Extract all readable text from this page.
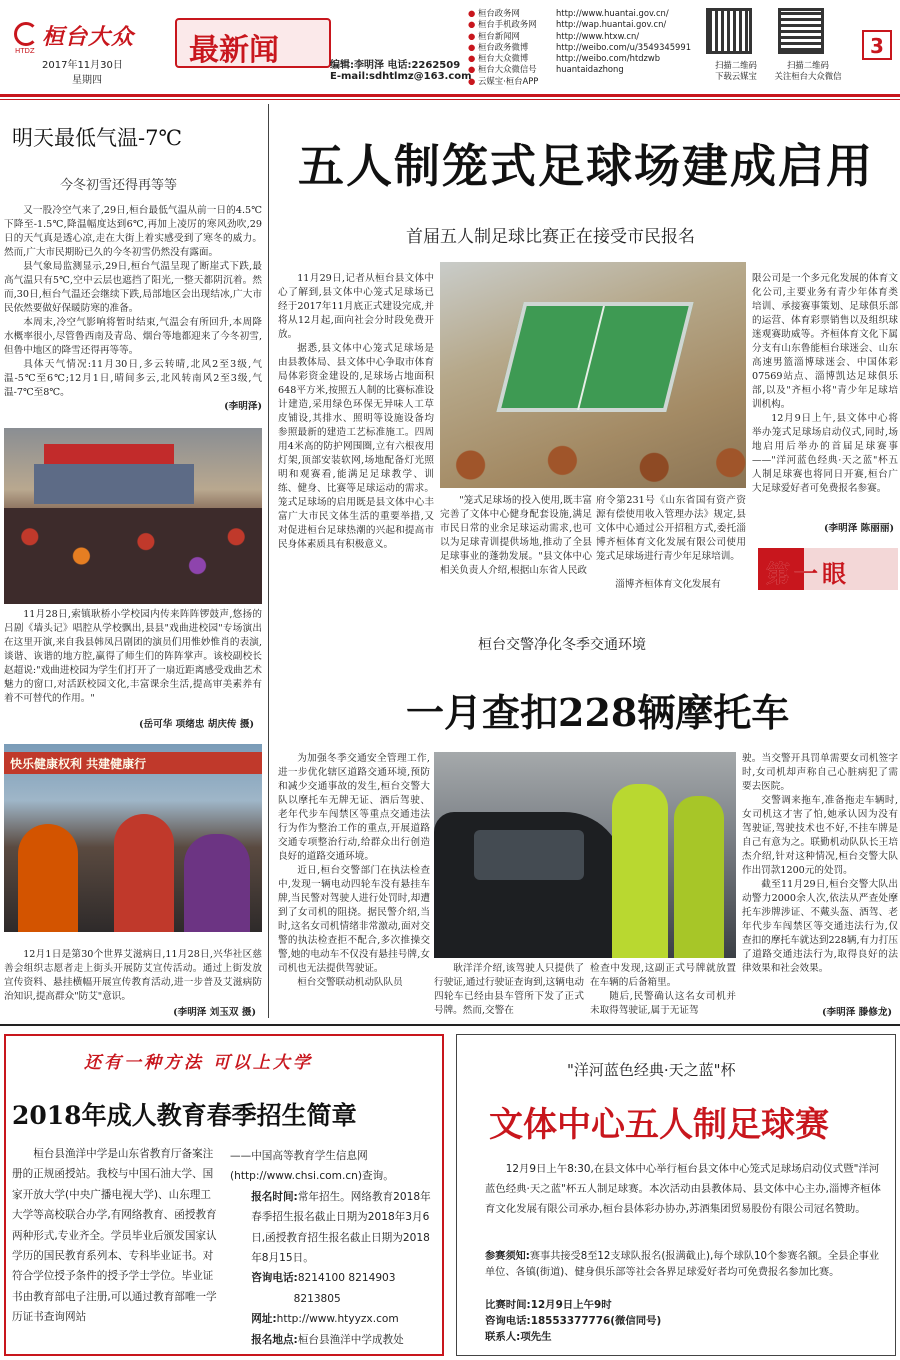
HTDZ
桓台大众
2017年11月30日
星期四
最新闻	编辑:李明泽 电话:2262509
E-mail:sdhtlmz@163.com
● 桓台政务网	http://www.huantai.gov.cn/
● 桓台手机政务网 http://wap.huantai.gov.cn/
● 桓台新闻网	http://www.htxw.cn/
● 桓台政务微博	http://weibo.com/u/3549345991
● 桓台大众微博	http://weibo.com/htdzwb
● 桓台大众微信号 huantaidazhong
● 云媒宝·桓台APP
扫描二维码
下载云媒宝
扫描二维码
关注桓台大众微信
3
明天最低气温-7℃
今冬初雪还得再等等

又一股冷空气来了,29日,桓台最低气温从前一日的4.5℃下降至-1.5℃,降温幅度达到6℃,再加上凌厉的寒风劲吹,29日的天气真是透心凉,走在大街上着实感受到了寒冬的威力。然而,广大市民期盼已久的今冬初雪仍然没有露面。

县气象局监测显示,29日,桓台气温呈现了断崖式下跌,最高气温只有5℃,空中云层也遮挡了阳光,一整天都阴沉着。然而,30日,桓台气温还会继续下跌,局部地区会出现结冰,广大市民依然要做好保暖防寒的准备。

本周末,冷空气影响将暂时结束,气温会有所回升,本周降水概率很小,尽管鲁西南及青岛、烟台等地都迎来了今冬初雪,但鲁中地区的降雪还得再等等。

具体天气情况:11月30日,多云转晴,北风2至3级,气温-5℃至6℃;12月1日,晴间多云,北风转南风2至3级,气温-7℃至8℃。

(李明泽)
11月28日,索镇耿桥小学校园内传来阵阵锣鼓声,悠扬的吕剧《墙头记》唱腔从学校飘出,县县"戏曲进校园"专场演出在这里开演,来自我县韩凤吕剧团的演员们用惟妙惟肖的表演,谈谐、诙谐的地方腔,赢得了师生们的阵阵掌声。该校副校长赵超说:"戏曲进校园为学生们打开了一扇近距离感受戏曲艺术魅力的窗口,对活跃校园文化,丰富课余生活,提高审美素养有着不可替代的作用。"
(岳可华 项绪忠 胡庆传 摄)
快乐健康权利 共建健康行
12月1日是第30个世界艾滋病日,11月28日,兴华社区慈善会组织志愿者走上街头开展防艾宣传活动。通过上街发放宣传资料、悬挂横幅开展宣传教育活动,进一步普及艾滋病防治知识,提高群众"防艾"意识。
(李明泽 刘玉双 摄)
五人制笼式足球场建成启用
首届五人制足球比赛正在接受市民报名

11月29日,记者从桓台县文体中心了解到,县文体中心笼式足球场已经于2017年11月底正式建设完成,并将从12月起,面向社会分时段免费开放。

据悉,县文体中心笼式足球场是由县教体局、县文体中心争取市体育局体彩资金建设的,足球场占地面积648平方米,按照五人制的比赛标准设计建造,采用绿色环保无异味人工草皮铺设,其排水、照明等设施设备均参照最新的建造工艺标准施工。四周用4米高的防护网围圈,立有六根夜用灯架,顶部安装软网,场地配备灯光照明和观赛看,能满足足球教学、训练、健身、比赛等足球运动的需求。笼式足球场的启用既是县文体中心丰富广大市民文体生活的重要举措,又对促进桓台足球热潮的兴起和提高市民身体素质具有积极意义。

"笼式足球场的投入使用,既丰富完善了文体中心健身配套设施,满足市民日常的业余足球运动需求,也可以为足球青训提供场地,推动了全县足球事业的蓬勃发展。"县文体中心相关负责人介绍,根据山东省人民政
府令第231号《山东省国有资产资源有偿使用收入管理办法》规定,县文体中心通过公开招租方式,委托淄博齐桓体育文化发展有限公司使用笼式足球场进行青少年足球培训。
淄博齐桓体育文化发展有

限公司是一个多元化发展的体育文化公司,主要业务有青少年体育类培训、承接赛事策划、足球俱乐部的运营、体育彩票销售以及组织球迷观赛助威等。齐桓体育文化下属分支有山东鲁能桓台球迷会、山东高速男篮淄博球迷会、中国体彩07569站点、淄博凯达足球俱乐部,以及"齐桓小将"青少年足球培训机构。

12月9日上午,县文体中心将举办笼式足球场启动仪式,同时,场地启用后举办的首届足球赛事——"洋河蓝色经典·天之蓝"杯五人制足球赛也将同日开赛,桓台广大足球爱好者可免费报名参赛。

(李明泽 陈丽丽)
第一眼
桓台交警净化冬季交通环境
一月查扣228辆摩托车

为加强冬季交通安全管理工作,进一步优化辖区道路交通环境,预防和减少交通事故的发生,桓台交警大队以摩托车无牌无证、酒后驾驶、老年代步车闯禁区等重点交通违法行为作为整治工作的重点,开展道路交通专项整治行动,给群众出行创造良好的道路交通环境。

近日,桓台交警部门在执法检查中,发现一辆电动四轮车没有悬挂车牌,当民警对驾驶人进行处罚时,却遭到了女司机的阻挠。据民警介绍,当时,这名女司机情绪非常激动,面对交警的执法检查拒不配合,多次推操交警,她的电动车不仅没有悬挂号牌,女司机也无法提供驾驶证。

桓台交警联动机动队队员

耿洋洋介绍,该驾驶人只提供了行驶证,通过行驶证查询到,这辆电动四轮车已经由县车管所下发了正式号牌。然而,交警在
检查中发现,这副正式号牌就放置在车辆的后备箱里。
随后,民警确认这名女司机并未取得驾驶证,属于无证驾

驶。当交警开具罚单需要女司机签字时,女司机却声称自己心脏病犯了需要去医院。

交警调来拖车,准备拖走车辆时,女司机这才害了怕,她承认因为没有驾驶证,驾驶技术也不好,不挂车牌是自己有意为之。联勤机动队队长王培杰介绍,针对这种情况,桓台交警大队作出罚款1200元的处罚。

截至11月29日,桓台交警大队出动警力2000余人次,依法从严查处摩托车涉牌涉证、不戴头盔、酒驾、老年代步车闯禁区等交通违法行为,仅查扣的摩托车就达到228辆,有力打压了道路交通违法行为,取得良好的法律效果和社会效果。

(李明泽 滕修龙)
还有一种方法 可以上大学
2018年成人教育春季招生简章
桓台县渔洋中学是山东省教育厅备案注册的正规函授站。我校与中国石油大学、国家开放大学(中央广播电视大学)、山东理工大学等高校联合办学,有网络教育、函授教育两种形式,专业齐全。学员毕业后颁发国家认学历的国民教育系列本、专科毕业证书。对符合学位授予条件的授予学士学位。毕业证书由教育部电子注册,可以通过教育部唯一学历证书查询网站
——中国高等教育学生信息网(http://www.chsi.com.cn)查询。
报名时间:常年招生。网络教育2018年春季招生报名截止日期为2018年3月6日,函授教育招生报名截止日期为2018年8月15日。
咨询电话:8214100 8214903
8213805
网址:http://www.htyyzx.com
报名地点:桓台县渔洋中学成教处
"洋河蓝色经典·天之蓝"杯
文体中心五人制足球赛
12月9日上午8:30,在县文体中心举行桓台县文体中心笼式足球场启动仪式暨"洋河蓝色经典·天之蓝"杯五人制足球赛。本次活动由县教体局、县文体中心主办,淄博齐桓体育文化发展有限公司承办,桓台县体彩办协办,苏酒集团贸易股份有限公司冠名赞助。
参赛须知:赛事共接受8至12支球队报名(报满截止),每个球队10个参赛名额。全县企事业单位、各镇(街道)、健身俱乐部等社会各界足球爱好者均可免费报名参加比赛。
比赛时间:12月9日上午9时
咨询电话:18553377776(微信同号)
联系人:项先生
